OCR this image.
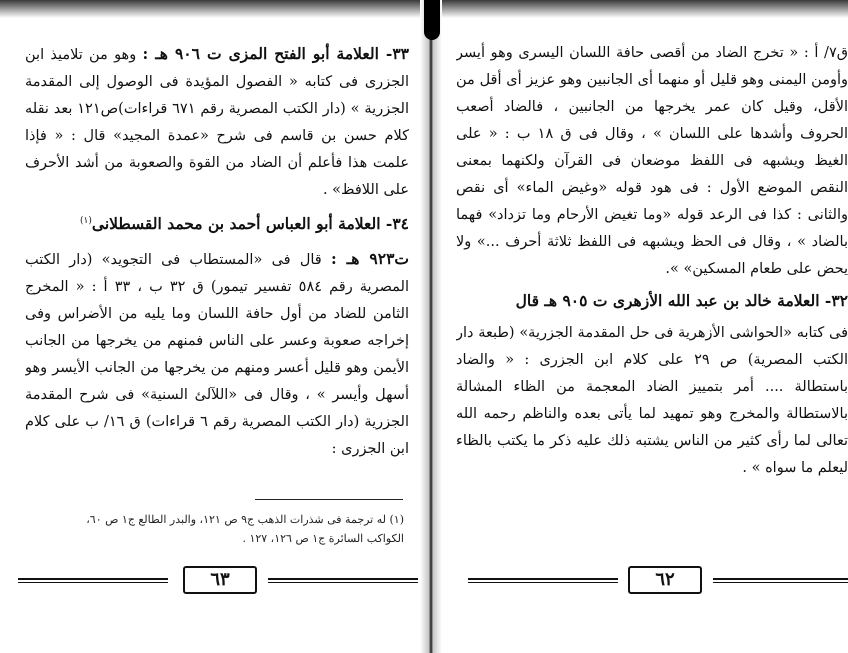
٣٣- العلامة أبو الفتح المزى ت ٩٠٦ هـ : وهو من تلاميذ ابن الجزرى فى كتابه « الفصول المؤيدة فى الوصول إلى المقدمة الجزرية » (دار الكتب المصرية رقم ٦٧١ قراءات)ص١٢١ بعد نقله كلام حسن بن قاسم فى شرح «عمدة المجيد» قال : « فإذا علمت هذا فأعلم أن الضاد من القوة والصعوبة من أشد الأحرف على اللافظ» .

٣٤- العلامة أبو العباس أحمد بن محمد القسطلانى$^{(١)}$

ت٩٢٣ هـ : قال فى «المستطاب فى التجويد» (دار الكتب المصرية رقم ٥٨٤ تفسير تيمور) ق ٣٢ ب ، ٣٣ أ : « المخرج الثامن للضاد من أول حافة اللسان وما يليه من الأضراس وفى إخراجه صعوبة وعسر على الناس فمنهم من يخرجها من الجانب الأيمن وهو قليل أعسر ومنهم من يخرجها من الجانب الأيسر وهو أسهل وأيسر » ، وقال فى «اللآلئ السنية» فى شرح المقدمة الجزرية (دار الكتب المصرية رقم ٦ قراءات) ق ١٦/ ب على كلام ابن الجزرى :

(١) له ترجمة فى شذرات الذهب ج٩ ص ١٢١، والبدر الطالع ج١ ص ٦٠،

الكواكب السائرة ج١ ص ١٢٦، ١٢٧ .

٦٣

ق٧/ أ : « تخرج الضاد من أقصى حافة اللسان اليسرى وهو أيسر وأومن اليمنى وهو قليل أو منهما أى الجانبين وهو عزيز أى أقل من الأقل، وقيل كان عمر يخرجها من الجانبين ، فالضاد أصعب الحروف وأشدها على اللسان » ، وقال فى ق ١٨ ب : « على الغيظ ويشبهه فى اللفظ موضعان فى القرآن ولكنهما بمعنى النقص الموضع الأول : فى هود قوله «وغيض الماء» أى نقص والثانى : كذا فى الرعد قوله «وما تغيض الأرحام وما تزداد» فهما بالضاد » ، وقال فى الحظ ويشبهه فى اللفظ ثلاثة أحرف ...» ولا يحض على طعام المسكين» ».

٣٢- العلامة خالد بن عبد الله الأزهرى ت ٩٠٥ هـ قال

فى كتابه «الحواشى الأزهرية فى حل المقدمة الجزرية» (طبعة دار الكتب المصرية) ص ٢٩ على كلام ابن الجزرى : « والضاد باستطالة .... أمر بتمييز الضاد المعجمة من الظاء المشالة بالاستطالة والمخرج وهو تمهيد لما يأتى بعده والناظم رحمه الله تعالى لما رأى كثير من الناس يشتبه ذلك عليه ذكر ما يكتب بالظاء ليعلم ما سواه » .

٦٢
